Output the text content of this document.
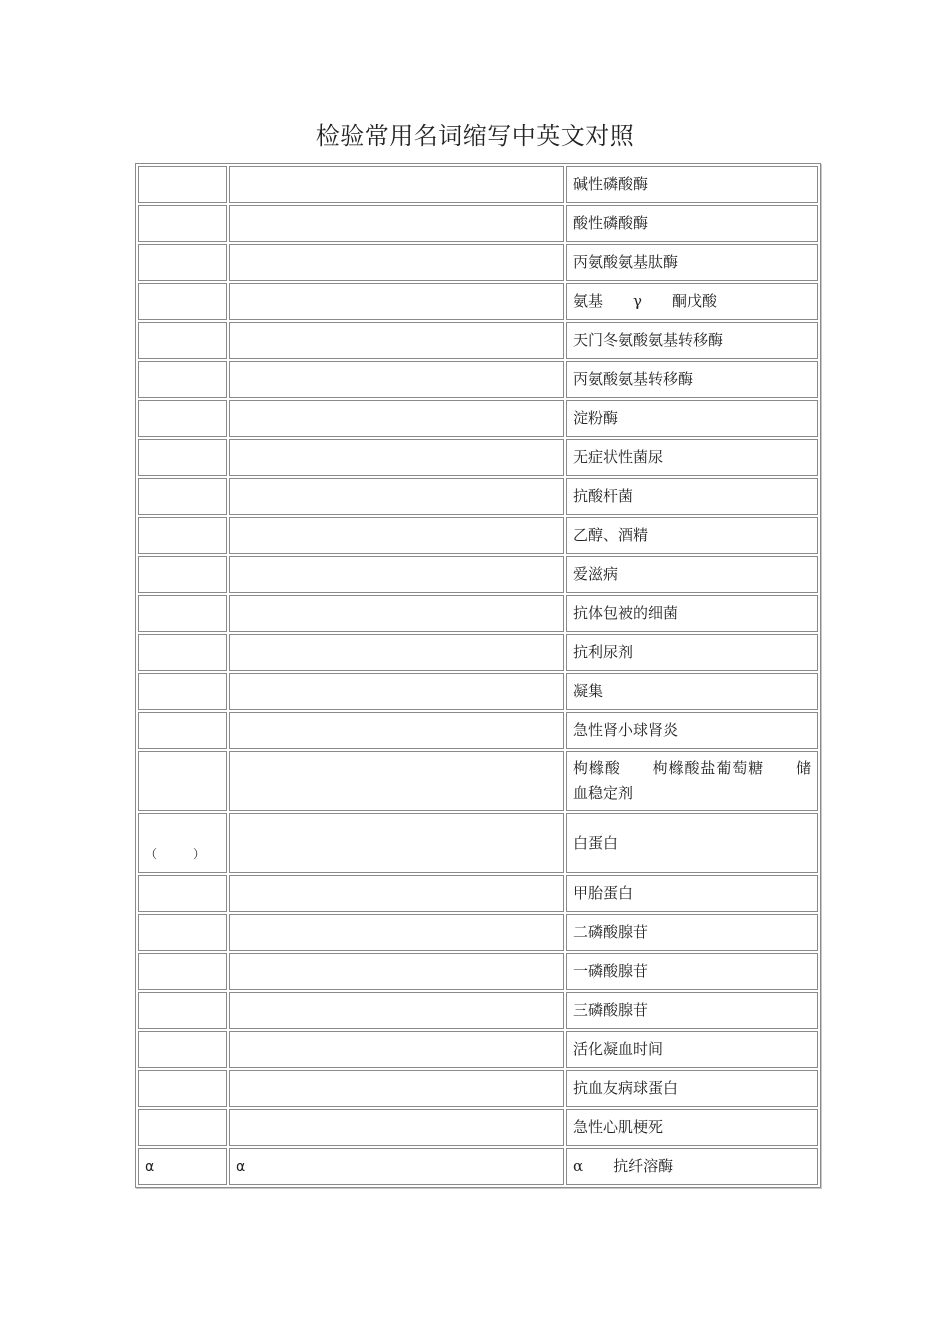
检验常用名词缩写中英文对照
		碱性磷酸酶
		酸性磷酸酶
		丙氨酸氨基肽酶
		氨基　　γ　　酮戊酸
		天门冬氨酸氨基转移酶
		丙氨酸氨基转移酶
		淀粉酶
		无症状性菌尿
		抗酸杆菌
		乙醇、酒精
		爱滋病
		抗体包被的细菌
		抗利尿剂
		凝集
		急性肾小球肾炎
		枸橼酸　　枸橼酸盐葡萄糖　　储血稳定剂
（　　　）		白蛋白
		甲胎蛋白
		二磷酸腺苷
		一磷酸腺苷
		三磷酸腺苷
		活化凝血时间
		抗血友病球蛋白
		急性心肌梗死
α	α	α　　抗纤溶酶
